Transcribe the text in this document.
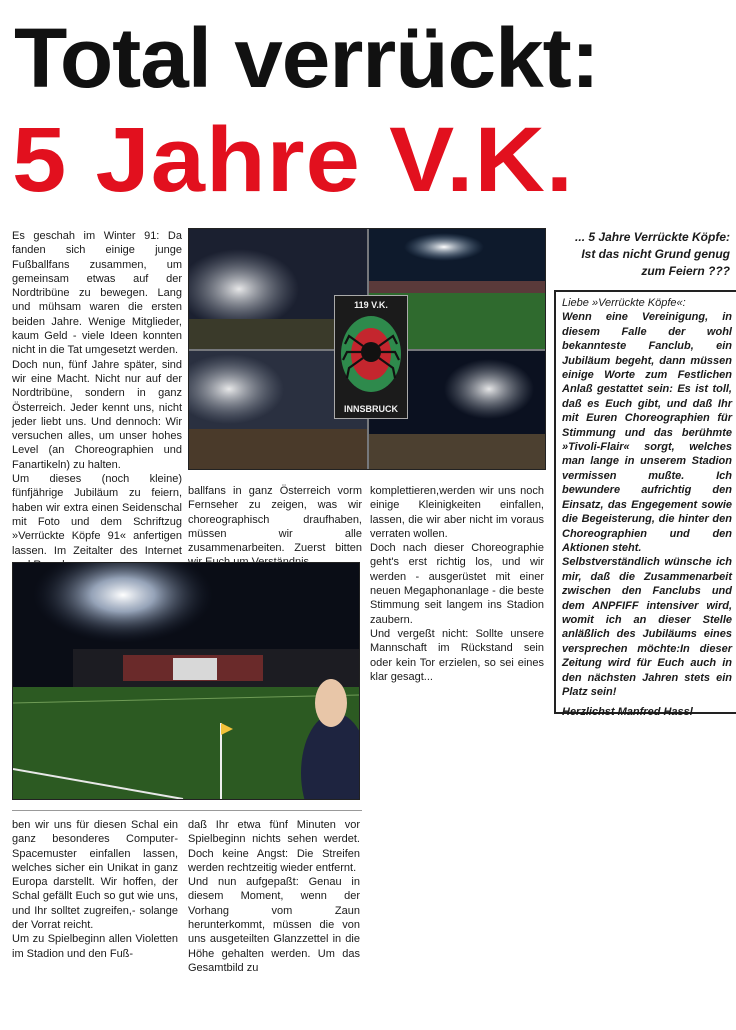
Total verrückt:
5 Jahre V.K.

Es geschah im Winter 91: Da fanden sich einige junge Fußballfans zusammen, um gemeinsam etwas auf der Nordtribüne zu bewegen. Lang und mühsam waren die ersten beiden Jahre. Wenige Mitglieder, kaum Geld - viele Ideen konnten nicht in die Tat umgesetzt werden.

Doch nun, fünf Jahre später, sind wir eine Macht. Nicht nur auf der Nordtribüne, sondern in ganz Österreich. Jeder kennt uns, nicht jeder liebt uns. Und dennoch: Wir versuchen alles, um unser hohes Level (an Choreographien und Fanartikeln) zu halten.

Um dieses (noch kleine) fünfjährige Jubiläum zu feiern, haben wir extra einen Seidenschal mit Foto und dem Schriftzug »Verrückte Köpfe 91« anfertigen lassen. Im Zeitalter des Internet

119 V.K.
INNSBRUCK

ballfans in ganz Österreich vorm Fernseher zu zeigen, was wir choreographisch draufhaben, müssen wir alle zusammenarbeiten. Zuerst bitten

komplettieren,werden wir uns noch einige Kleinigkeiten einfallen, lassen, die wir aber nicht im voraus verraten wollen.

Doch nach dieser Choreographie geht's erst richtig los, und wir werden - ausgerüstet mit einer neuen Megaphonanlage - die beste Stimmung seit langem ins Stadion zaubern.

Und vergeßt nicht: Sollte unsere Mannschaft im Rückstand sein oder kein Tor erzielen, so sei eines klar gesagt...

ben wir uns für diesen Schal ein ganz besonderes Computer-Spacemuster einfallen lassen, welches sicher ein Unikat in ganz Europa darstellt. Wir hoffen, der Schal gefällt Euch so gut wie uns, und Ihr solltet zugreifen,- solange der Vorrat reicht.

Um zu Spielbeginn allen Violetten im Stadion und den Fuß-

daß Ihr etwa fünf Minuten vor Spielbeginn nichts sehen werdet. Doch keine Angst: Die Streifen werden rechtzeitig wieder entfernt.

Und nun aufgepaßt: Genau in diesem Moment, wenn der Vorhang vom Zaun herunterkommt, müssen die von uns ausgeteilten Glanzzettel in die Höhe gehalten werden. Um das Gesamtbild zu

... 5 Jahre Verrückte Köpfe:
Ist das nicht Grund genug
zum Feiern ???

Liebe »Verrückte Köpfe«:

Wenn eine Vereinigung, in diesem Falle der wohl bekannteste Fanclub, ein Jubiläum begeht, dann müssen einige Worte zum Festlichen Anlaß gestattet sein: Es ist toll, daß es Euch gibt, und daß Ihr mit Euren Choreographien für Stimmung und das berühmte »Tivoli-Flair« sorgt, welches man lange in unserem Stadion vermissen mußte. Ich bewundere aufrichtig den Einsatz, das Engegement sowie die Begeisterung, die hinter den Choreographien und den Aktionen steht.

Selbstverständlich wünsche ich mir, daß die Zusammenarbeit zwischen den Fanclubs und dem ANPFIFF intensiver wird, womit ich an dieser Stelle anläßlich des Jubiläums eines versprechen möchte:In dieser Zeitung wird für Euch auch in den nächsten Jahren stets ein Platz sein!

Herzlichst Manfred Hassl
